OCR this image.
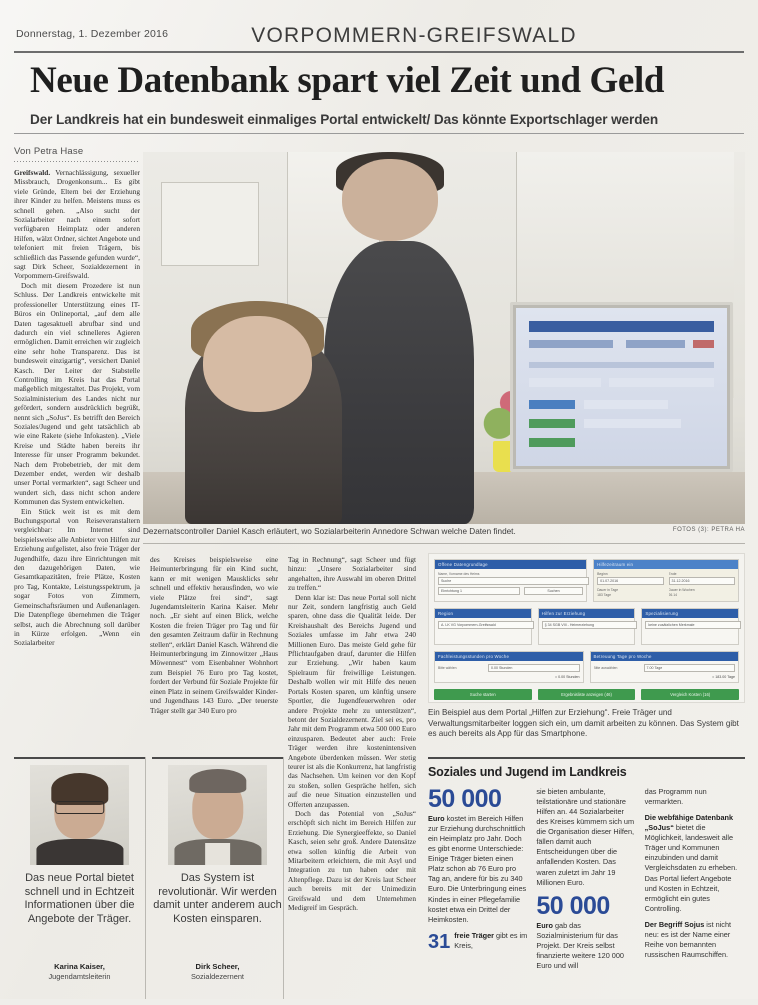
Donnerstag, 1. Dezember 2016	VORPOMMERN-GREIFSWALD
Neue Datenbank spart viel Zeit und Geld
Der Landkreis hat ein bundesweit einmaliges Portal entwickelt/ Das könnte Exportschlager werden
Von Petra Hase

Greifswald. Vernachlässigung, sexueller Missbrauch, Drogenkonsum... Es gibt viele Gründe, Eltern bei der Erziehung ihrer Kinder zu helfen. Meistens muss es schnell gehen. „Also sucht der Sozialarbeiter nach einem sofort verfügbaren Heimplatz oder anderen Hilfen, wälzt Ordner, sichtet Angebote und telefoniert mit freien Trägern, bis schließlich das Passende gefunden wurde“, sagt Dirk Scheer, Sozialdezernent in Vorpommern-Greifswald.

Doch mit diesem Prozedere ist nun Schluss. Der Landkreis entwickelte mit professioneller Unterstützung eines IT-Büros ein Onlineportal, „auf dem alle Daten tagesaktuell abrufbar sind und dadurch ein viel schnelleres Agieren ermöglichen. Damit erreichen wir zugleich eine sehr hohe Transparenz. Das ist bundesweit einzigartig“, versichert Daniel Kasch. Der Leiter der Stabstelle Controlling im Kreis hat das Portal maßgeblich mitgestaltet. Das Projekt, vom Sozialministerium des Landes nicht nur gefördert, sondern ausdrücklich begrüßt, nennt sich „SoJus“. Es betrifft den Bereich Soziales/Jugend und geht tatsächlich ab wie eine Rakete (siehe Infokasten). „Viele Kreise und Städte haben bereits ihr Interesse für unser Programm bekundet. Nach dem Probebetrieb, der mit dem Dezember endet, werden wir deshalb unser Portal vermarkten“, sagt Scheer und wundert sich, dass nicht schon andere Kommunen das System entwickelten.

Ein Stück weit ist es mit dem Buchungsportal von Reiseveranstaltern vergleichbar: Im Internet sind beispielsweise alle Anbieter von Hilfen zur Erziehung aufgelistet, also freie Träger der Jugendhilfe, dazu ihre Einrichtungen mit den dazugehörigen Daten, wie Gesamtkapazitäten, freie Plätze, Kosten pro Tag, Kontakte, Leistungsspektrum, ja sogar Fotos von Zimmern, Gemeinschaftsräumen und Außenanlagen. Die Datenpflege übernehmen die Träger selbst, auch die Abrechnung soll darüber in Kürze erfolgen. „Wenn ein Sozialarbeiter

Dezernatscontroller Daniel Kasch erläutert, wo Sozialarbeiterin Annedore Schwan welche Daten findet.	FOTOS (3): PETRA HA

des Kreises beispielsweise eine Heimunterbringung für ein Kind sucht, kann er mit wenigen Mausklicks sehr schnell und effektiv herausfinden, wo wie viele Plätze frei sind“, sagt Jugendamtsleiterin Karina Kaiser. Mehr noch. „Er sieht auf einen Blick, welche Kosten die freien Träger pro Tag und für den gesamten Zeitraum dafür in Rechnung stellen“, erklärt Daniel Kasch. Während die Heimunterbringung im Zinnowitzer „Haus Möwennest“ vom Eisenbahner Wohnhort zum Beispiel 76 Euro pro Tag kostet, fordert der Verbund für Soziale Projekte für einen Platz in seinem Greifswalder Kinder- und Jugendhaus 143 Euro. „Der teuerste Träger stellt gar 340 Euro pro

Tag in Rechnung“, sagt Scheer und fügt hinzu: „Unsere Sozialarbeiter sind angehalten, ihre Auswahl im oberen Drittel zu treffen.“

Denn klar ist: Das neue Portal soll nicht nur Zeit, sondern langfristig auch Geld sparen, ohne dass die Qualität leide. Der Kreishaushalt des Bereichs Jugend und Soziales umfasse im Jahr etwa 240 Millionen Euro. Das meiste Geld gehe für Pflichtaufgaben drauf, darunter die Hilfen zur Erziehung. „Wir haben kaum Spielraum für freiwillige Leistungen. Deshalb wollen wir mit Hilfe des neuen Portals Kosten sparen, um künftig unsere Sportler, die Jugendfeuerwehren oder andere Projekte mehr zu unterstützen“, betont der Sozialdezernent. Ziel sei es, pro Jahr mit dem Programm etwa 500 000 Euro einzusparen. Bedeutet aber auch: Freie Träger werden ihre kostenintensiven Angebote überdenken müssen. Wer stetig teurer ist als die Konkurrenz, hat langfristig das Nachsehen. Um keinen vor den Kopf zu stoßen, sollen Gespräche helfen, sich auf die neue Situation einzustellen und Offerten anzupassen.

Doch das Potential von „SoJus“ erschöpft sich nicht im Bereich Hilfen zur Erziehung. Die Synergieeffekte, so Daniel Kasch, seien sehr groß. Andere Datensätze etwa sollen künftig die Arbeit von Mitarbeitern erleichtern, die mit Asyl und Integration zu tun haben oder mit Altenpflege. Dazu ist der Kreis laut Scheer auch bereits mit der Unimedizin Greifswald und dem Unternehmen Medigreif im Gespräch.

Offene Datengrundlage
Name, Vorname des Heims
Suche
Einrichtung 1	Suchen
Hilfezeitraum ein
Beginn
01.07.2016
Ende
31.12.2016
Dauer in Tage
183 Tage
Dauer in Wochen
26.14
Region
A. LK VG Vorpommern-Greifswald
Hilfen zur Erziehung
§ 34 SGB VIII - Heimerziehung
Spezialisierung
keine zusätzlichen Merkmale
Fachleistungsstunden pro Woche
Bitte wählen	0.00 Stunden
= 0.00 Stunden
Betreuung Tage pro Woche
Bitte auswählen	7.00 Tage
= 183.00 Tage
Suche starten	Ergebnisliste anzeigen (46)	Vergleich Kosten (16)
Ein Beispiel aus dem Portal „Hilfen zur Erziehung“. Freie Träger und Verwaltungsmitarbeiter loggen sich ein, um damit arbeiten zu können. Das System gibt es auch bereits als App für das Smartphone.
Soziales und Jugend im Landkreis
50 000

Euro kostet im Bereich Hilfen zur Erziehung durchschnittlich ein Heimplatz pro Jahr. Doch es gibt enorme Unterschiede: Einige Träger bieten einen Platz schon ab 76 Euro pro Tag an, andere für bis zu 340 Euro. Die Unterbringung eines Kindes in einer Pflegefamilie kostet etwa ein Drittel der Heimkosten.

31 freie Träger gibt es im Kreis,

sie bieten ambulante, teilstationäre und stationäre Hilfen an. 44 Sozialarbeiter des Kreises kümmern sich um die Organisation dieser Hilfen, fällen damit auch Entscheidungen über die anfallenden Kosten. Das waren zuletzt im Jahr 19 Millionen Euro.

50 000

Euro gab das Sozialministerium für das Projekt. Der Kreis selbst finanzierte weitere 120 000 Euro und will

das Programm nun vermarkten.

Die webfähige Datenbank „SoJus“ bietet die Möglichkeit, landesweit alle Träger und Kommunen einzubinden und damit Vergleichsdaten zu erheben. Das Portal liefert Angebote und Kosten in Echtzeit, ermöglicht ein gutes Controlling.

Der Begriff Sojus ist nicht neu: es ist der Name einer Reihe von bemannten russischen Raumschiffen.

Das neue Portal bietet schnell und in Echtzeit Informationen über die Angebote der Träger.
Karina Kaiser,
Jugendamtsleiterin
Das System ist revolutionär. Wir werden damit unter anderem auch Kosten einsparen.
Dirk Scheer,
Sozialdezernent
